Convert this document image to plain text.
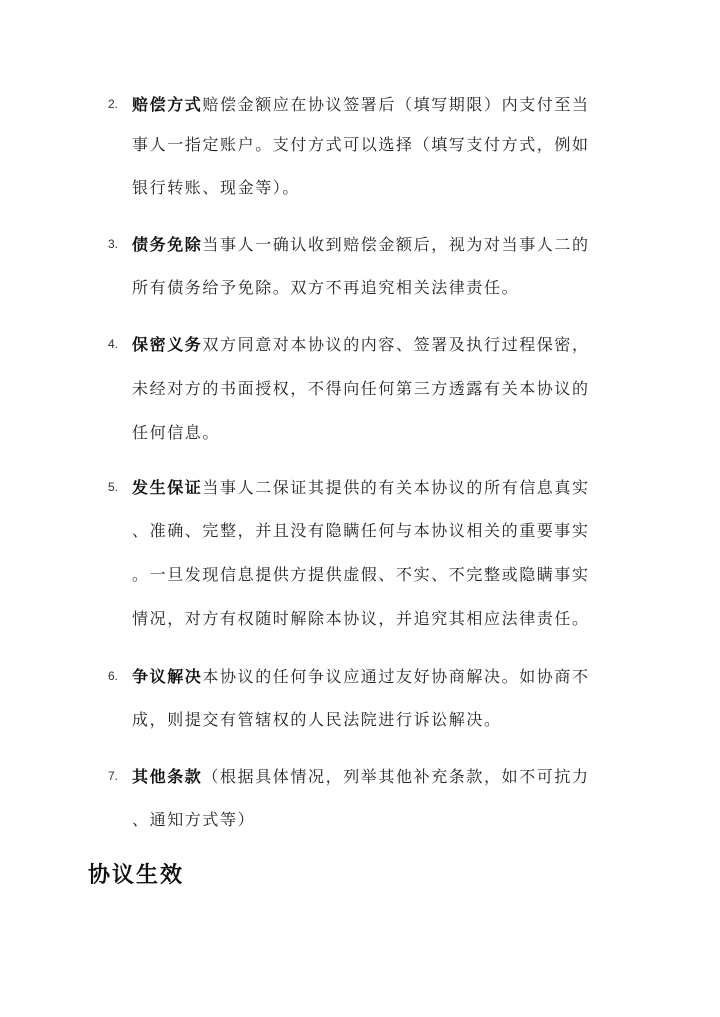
2. 赔偿方式赔偿金额应在协议签署后（填写期限）内支付至当
事人一指定账户。支付方式可以选择（填写支付方式，例如
银行转账、现金等）。
3. 债务免除当事人一确认收到赔偿金额后，视为对当事人二的
所有债务给予免除。双方不再追究相关法律责任。
4. 保密义务双方同意对本协议的内容、签署及执行过程保密，
未经对方的书面授权，不得向任何第三方透露有关本协议的
任何信息。
5. 发生保证当事人二保证其提供的有关本协议的所有信息真实
、准确、完整，并且没有隐瞒任何与本协议相关的重要事实
。一旦发现信息提供方提供虚假、不实、不完整或隐瞒事实
情况，对方有权随时解除本协议，并追究其相应法律责任。
6. 争议解决本协议的任何争议应通过友好协商解决。如协商不
成，则提交有管辖权的人民法院进行诉讼解决。
7. 其他条款（根据具体情况，列举其他补充条款，如不可抗力
、通知方式等）
协议生效
